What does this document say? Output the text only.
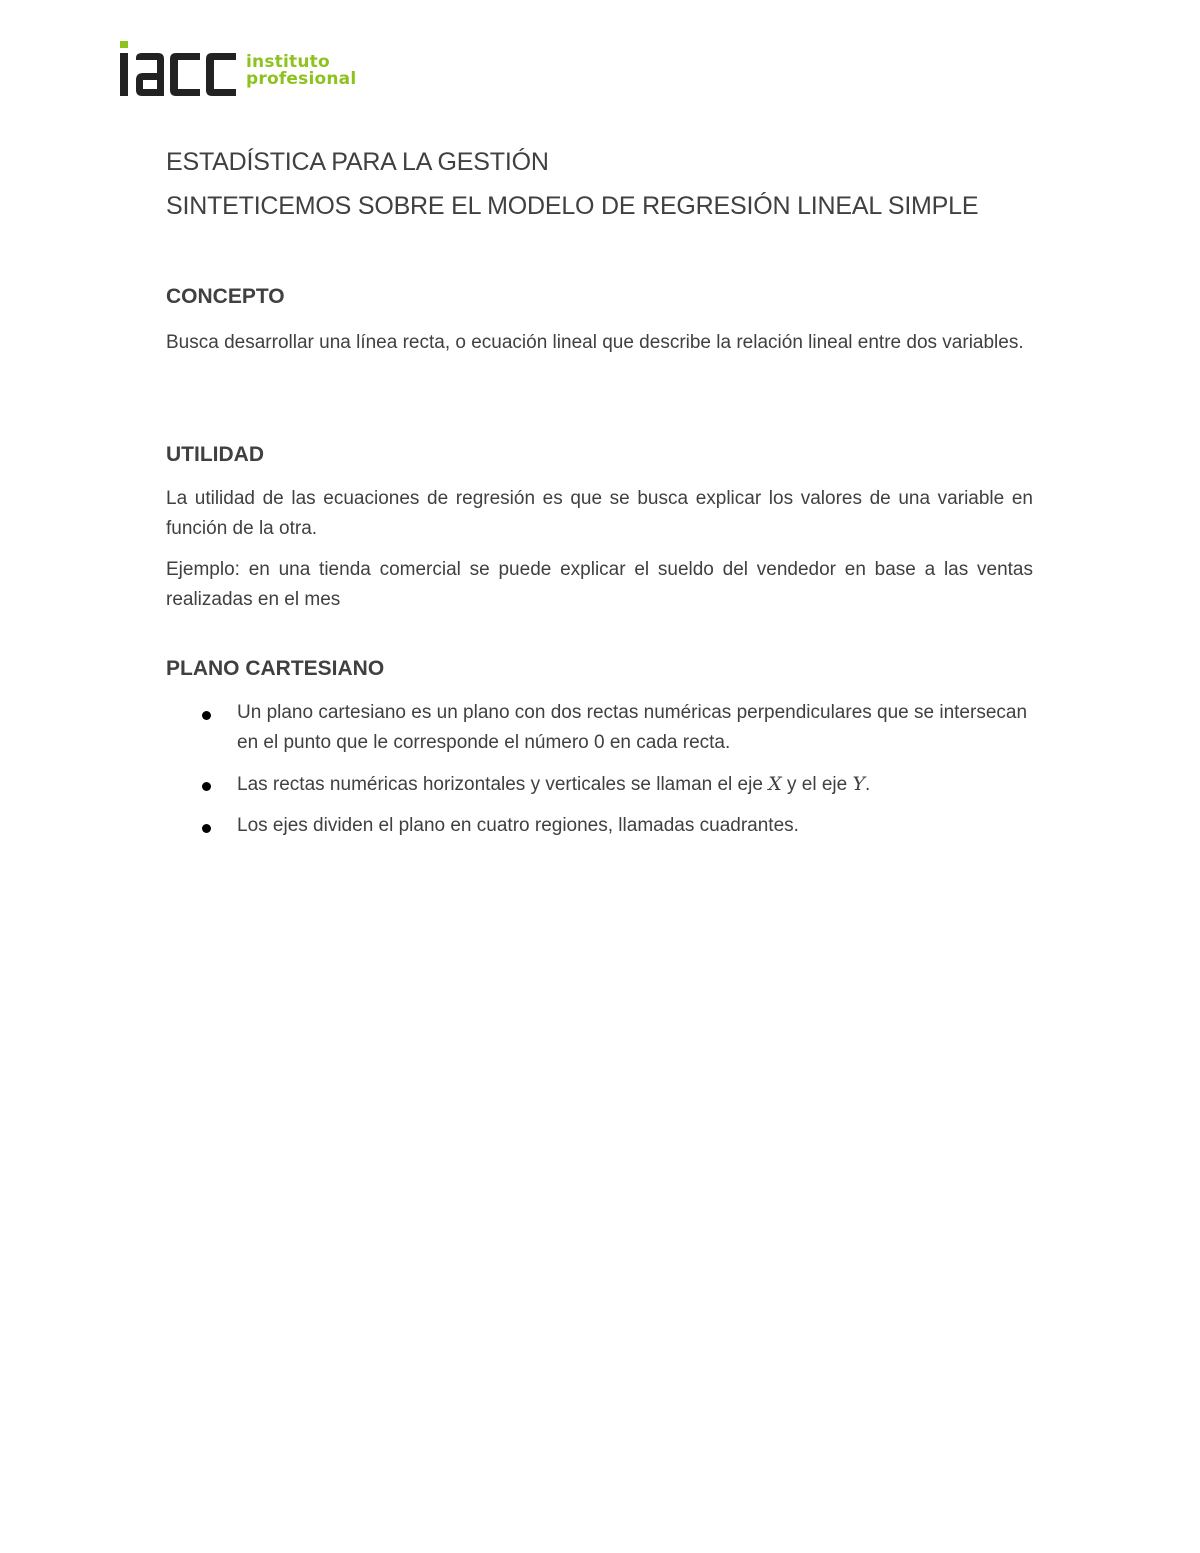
instituto
profesional
ESTADÍSTICA PARA LA GESTIÓN
SINTETICEMOS SOBRE EL MODELO DE REGRESIÓN LINEAL SIMPLE
CONCEPTO
Busca desarrollar una línea recta, o ecuación lineal que describe la relación lineal entre dos variables.
UTILIDAD
La utilidad de las ecuaciones de regresión es que se busca explicar los valores de una variable en función de la otra.
Ejemplo: en una tienda comercial se puede explicar el sueldo del vendedor en base a las ventas realizadas en el mes
PLANO CARTESIANO
Un plano cartesiano es un plano con dos rectas numéricas perpendiculares que se intersecan en el punto que le corresponde el número 0 en cada recta.
Las rectas numéricas horizontales y verticales se llaman el eje X y el eje Y.
Los ejes dividen el plano en cuatro regiones, llamadas cuadrantes.
